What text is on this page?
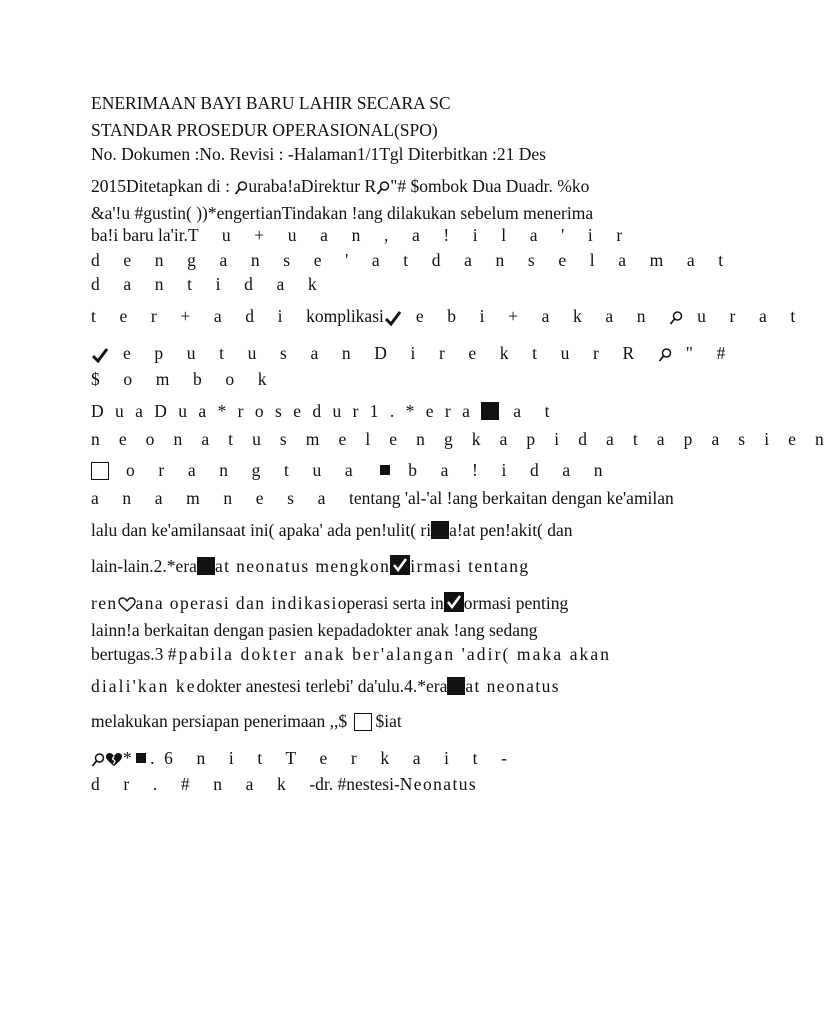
ENERIMAAN BAYI BARU LAHIR SECARA SC
STANDAR PROSEDUR OPERASIONAL(SPO)
No. Dokumen :No. Revisi : -Halaman1/1Tgl Diterbitkan :21 Des
2015Ditetapkan di : uraba!aDirektur R "# $ombok Dua Duadr. %ko
&a'!u #gustin( ))*engertianTindakan !ang dilakukan sebelum menerima
ba!i baru la'ir.T u + u a n , a ! i l a ' i r
d e n g a n s e ' a t d a n s e l a m a t
d a n t i d a k
t e r + a d i komplikasi e b i + a k a n  u r a t
e p u t u s a n D i r e k t u r R  " #
$ o m b o k
D u a D u a * r o s e d u r 1 . * e r a  a t
n e o n a t u s m e l e n g k a p i d a t a p a s i e n
o r a n g t u a  b a ! i d a n
a n a m n e s a tentang 'al-'al !ang berkaitan dengan ke'amilan
lalu dan ke'amilansaat ini( apaka' ada pen!ulit( ri a!at pen!akit( dan
lain-lain.2.*era at neonatus mengkon irmasi tentang
ren ana operasi dan indikasioperasi serta in ormasi penting
lainn!a berkaitan dengan pasien kepadadokter anak !ang sedang
bertugas.3 #pabila dokter anak ber'alangan 'adir( maka akan
diali'kan kedokter anestesi terlebi' da'ulu.4.*era at neonatus
melakukan persiapan penerimaan ,,$ $iat
* .6 n i t T e r k a i t -
d r . # n a k -dr. #nestesi-Neonatus
